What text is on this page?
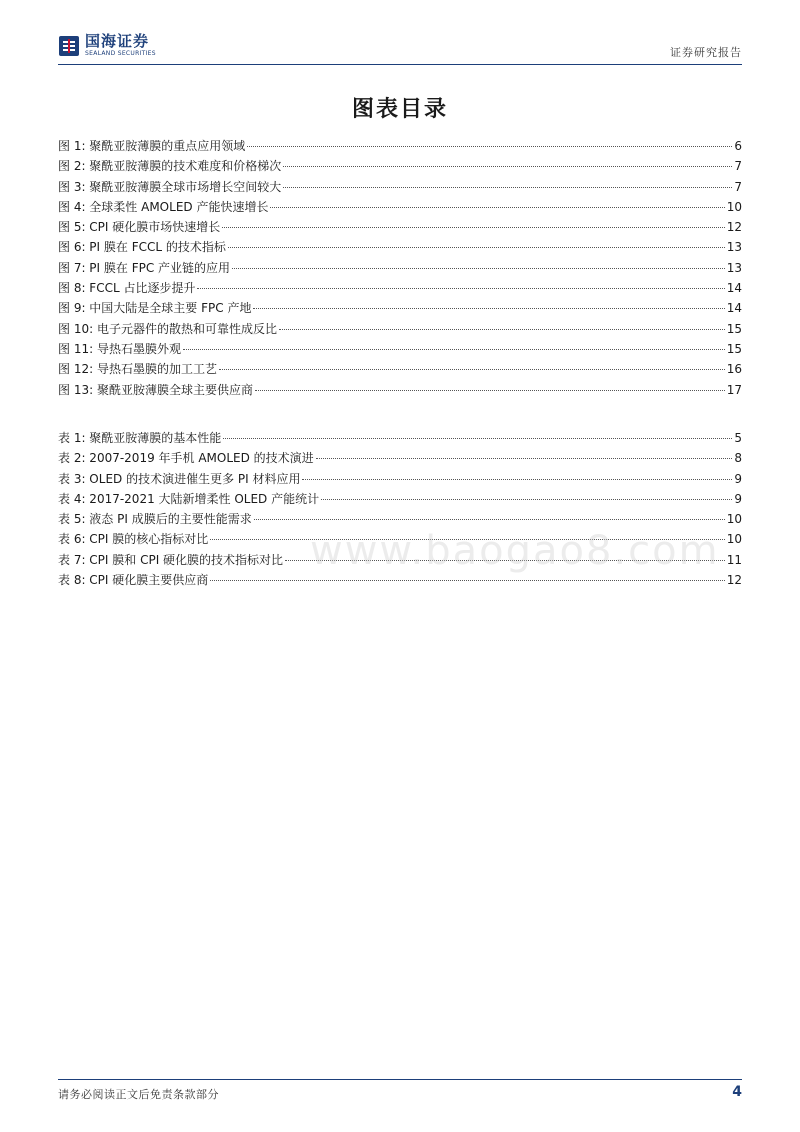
国海证券
SEALAND SECURITIES	证券研究报告
图表目录
图 1: 聚酰亚胺薄膜的重点应用领域	6
图 2: 聚酰亚胺薄膜的技术难度和价格梯次	7
图 3: 聚酰亚胺薄膜全球市场增长空间较大	7
图 4: 全球柔性 AMOLED 产能快速增长	10
图 5: CPI 硬化膜市场快速增长	12
图 6: PI 膜在 FCCL 的技术指标	13
图 7: PI 膜在 FPC 产业链的应用	13
图 8: FCCL 占比逐步提升	14
图 9: 中国大陆是全球主要 FPC 产地	14
图 10: 电子元器件的散热和可靠性成反比	15
图 11: 导热石墨膜外观	15
图 12: 导热石墨膜的加工工艺	16
图 13: 聚酰亚胺薄膜全球主要供应商	17
表 1: 聚酰亚胺薄膜的基本性能	5
表 2: 2007-2019 年手机 AMOLED 的技术演进	8
表 3: OLED 的技术演进催生更多 PI 材料应用	9
表 4: 2017-2021 大陆新增柔性 OLED 产能统计	9
表 5: 液态 PI 成膜后的主要性能需求	10
表 6: CPI 膜的核心指标对比	10
表 7: CPI 膜和 CPI 硬化膜的技术指标对比	11
表 8: CPI 硬化膜主要供应商	12
www.baogao8.com
请务必阅读正文后免责条款部分	4
